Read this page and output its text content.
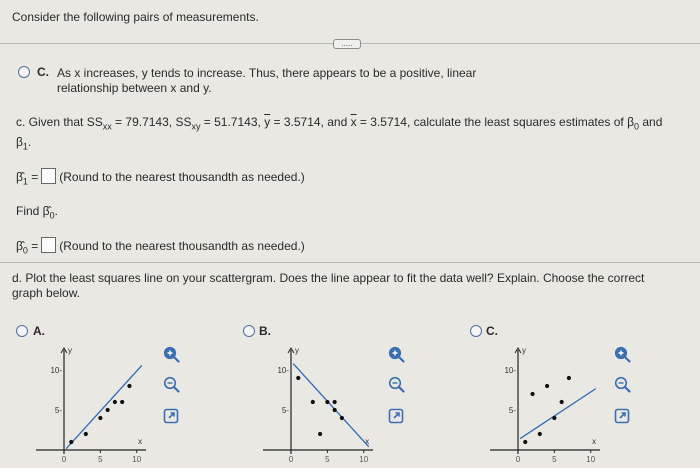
Consider the following pairs of measurements.
.....
C. As x increases, y tends to increase. Thus, there appears to be a positive, linear
relationship between x and y.
c. Given that $SS_{xx} = 79.7143$, $SS_{xy} = 51.7143$, $\overline{y} = 3.5714$, and $\overline{x} = 3.5714$, calculate the least squares estimates of $\beta_0$ and
$\beta_1$.
$\betâ_1$ = (Round to the nearest thousandth as needed.)
Find $\betâ_0$.
$\betâ_0$ = (Round to the nearest thousandth as needed.)
d. Plot the least squares line on your scattergram. Does the line appear to fit the data well? Explain. Choose the correct
graph below.
A.	B.	C.
y
x
10-
5-
0	5	10
y
x
10-
5-
0	5	10
y
x
10-
5-
0	5	10
